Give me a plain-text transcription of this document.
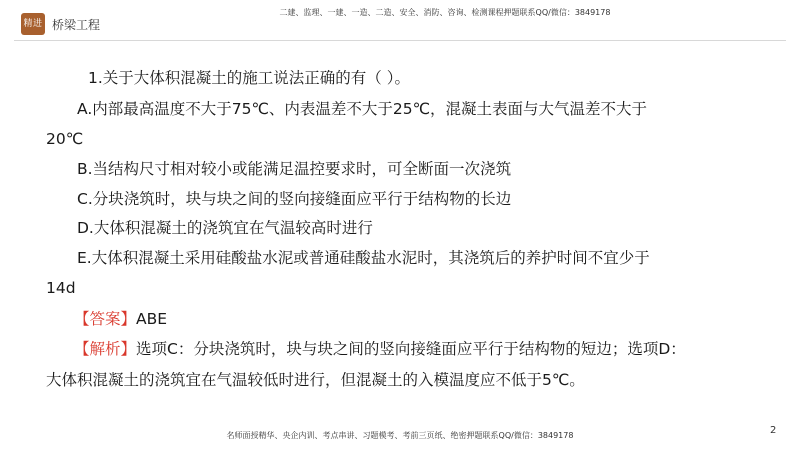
精进 桥梁工程
二建、监理、一建、一造、二造、安全、消防、咨询、检测课程押题联系QQ/微信：3849178

1.关于大体积混凝土的施工说法正确的有（ ）。
A.内部最高温度不大于75℃、内表温差不大于25℃，混凝土表面与大气温差不大于
20℃
B.当结构尺寸相对较小或能满足温控要求时，可全断面一次浇筑
C.分块浇筑时，块与块之间的竖向接缝面应平行于结构物的长边
D.大体积混凝土的浇筑宜在气温较高时进行
E.大体积混凝土采用硅酸盐水泥或普通硅酸盐水泥时，其浇筑后的养护时间不宜少于
14d
【答案】ABE
【解析】选项C：分块浇筑时，块与块之间的竖向接缝面应平行于结构物的短边；选项D：
大体积混凝土的浇筑宜在气温较低时进行，但混凝土的入模温度应不低于5℃。
名师面授精华、央企内训、考点串讲、习题模考、考前三页纸、绝密押题联系QQ/微信：3849178	2
